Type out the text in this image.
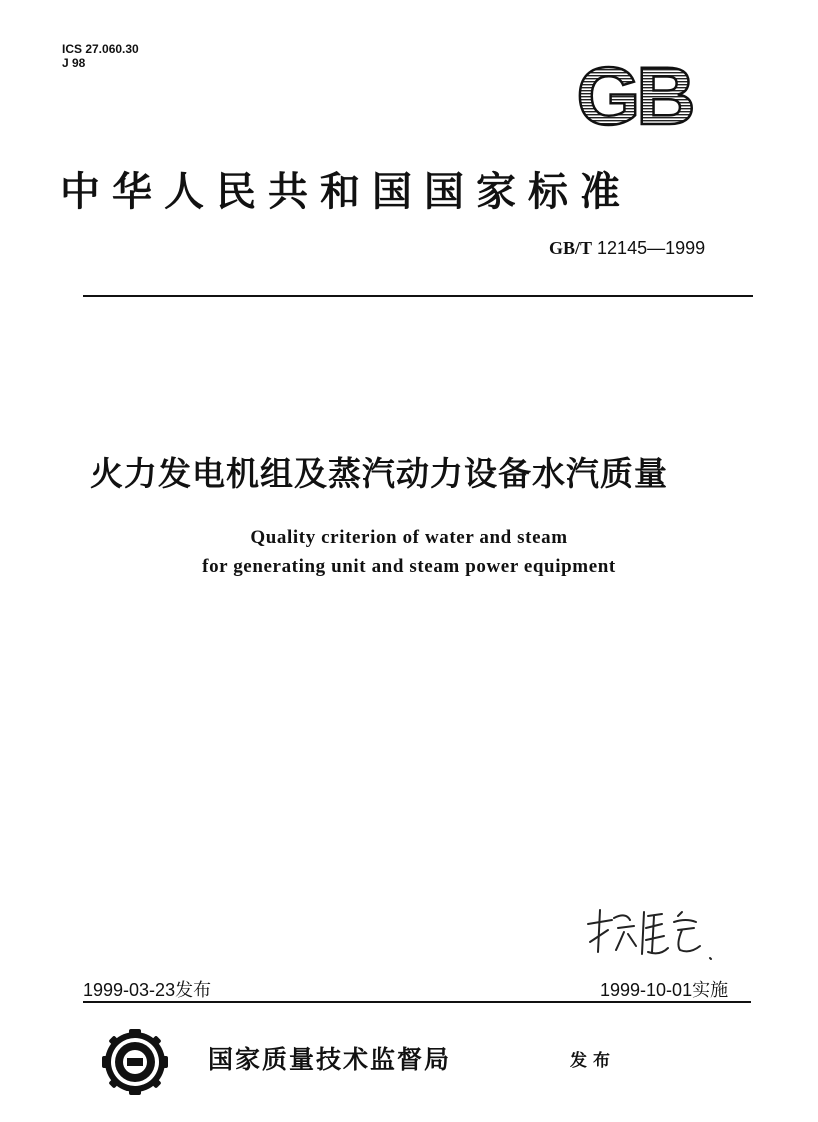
ICS 27.060.30
J 98	GB
中华人民共和国国家标准
GB/T 12145—1999
火力发电机组及蒸汽动力设备水汽质量
Quality criterion of water and steam
for generating unit and steam power equipment
1999-03-23发布	1999-10-01实施
国家质量技术监督局	发布
